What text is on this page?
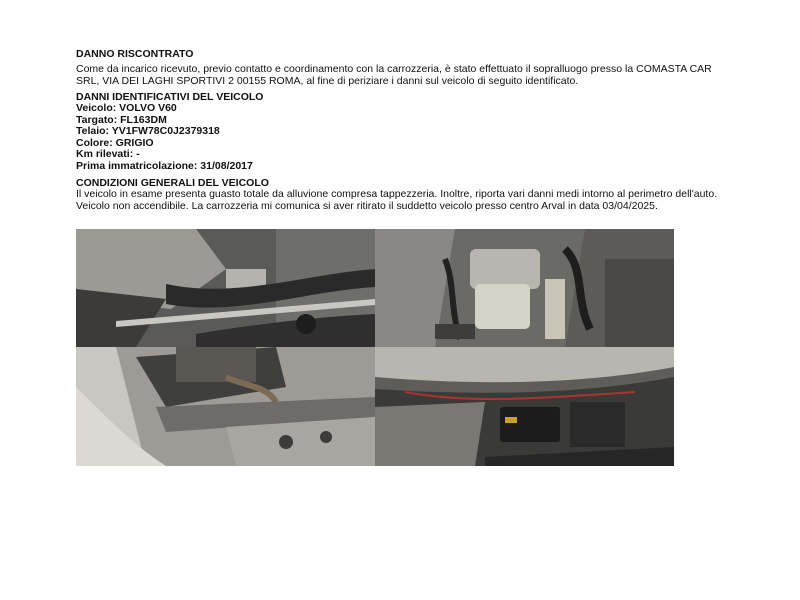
DANNO RISCONTRATO

Come da incarico ricevuto, previo contatto e coordinamento con la carrozzeria, è stato effettuato il sopralluogo presso la COMASTA CAR SRL, VIA DEI LAGHI SPORTIVI 2 00155 ROMA, al fine di periziare i danni sul veicolo di seguito identificato.

DANNI IDENTIFICATIVI DEL VEICOLO

Veicolo: VOLVO V60
Targato: FL163DM
Telaio: YV1FW78C0J2379318
Colore: GRIGIO
Km rilevati: -
Prima immatricolazione: 31/08/2017

CONDIZIONI GENERALI DEL VEICOLO

Il veicolo in esame presenta guasto totale da alluvione compresa tappezzeria. Inoltre, riporta vari danni medi intorno al perimetro dell'auto. Veicolo non accendibile. La carrozzeria mi comunica si aver ritirato il suddetto veicolo presso centro Arval in data 03/04/2025.
